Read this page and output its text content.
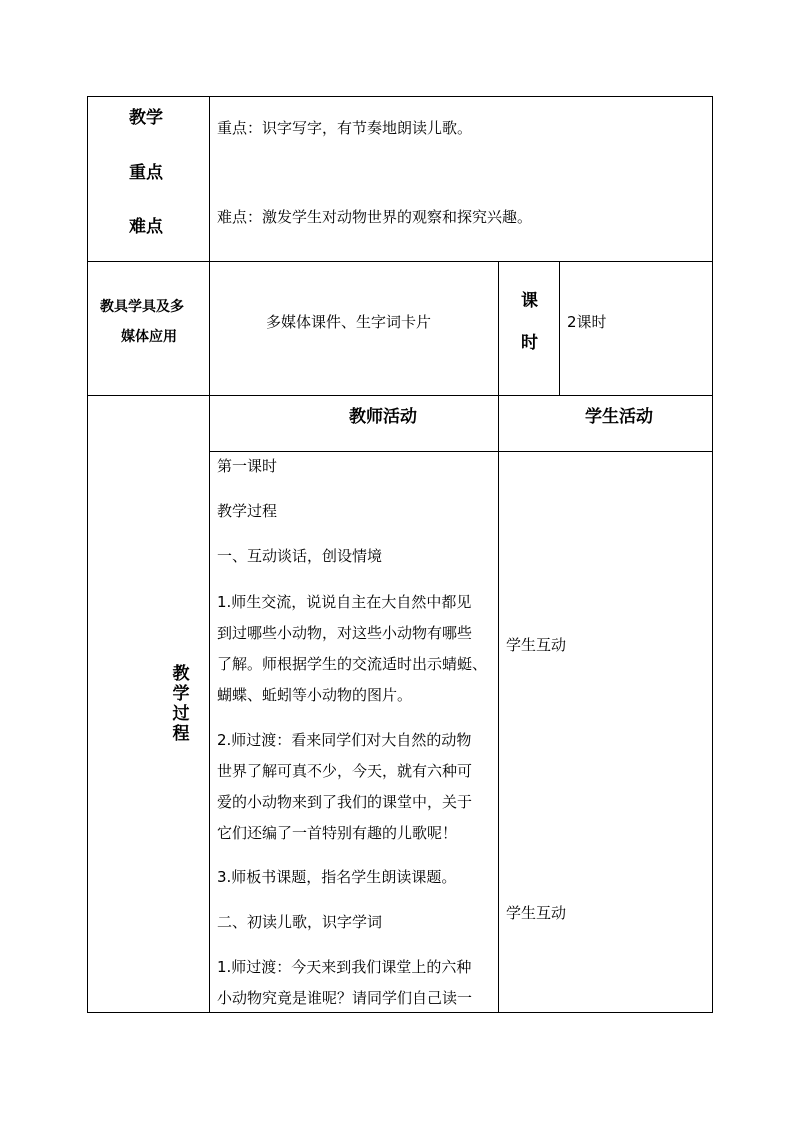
教学
重点
难点
重点：识字写字，有节奏地朗读儿歌。
难点：激发学生对动物世界的观察和探究兴趣。
教具学具及多
媒体应用
多媒体课件、生字词卡片
课
时
2课时
教学过程
教师活动	学生活动
第一课时
教学过程
一、互动谈话，创设情境
1.师生交流，说说自主在大自然中都见
到过哪些小动物，对这些小动物有哪些
了解。师根据学生的交流适时出示蜻蜓、
蝴蝶、蚯蚓等小动物的图片。
2.师过渡：看来同学们对大自然的动物
世界了解可真不少，今天，就有六种可
爱的小动物来到了我们的课堂中，关于
它们还编了一首特别有趣的儿歌呢！
3.师板书课题，指名学生朗读课题。
二、初读儿歌，识字学词
1.师过渡：今天来到我们课堂上的六种
小动物究竟是谁呢？请同学们自己读一
学生互动
学生互动
